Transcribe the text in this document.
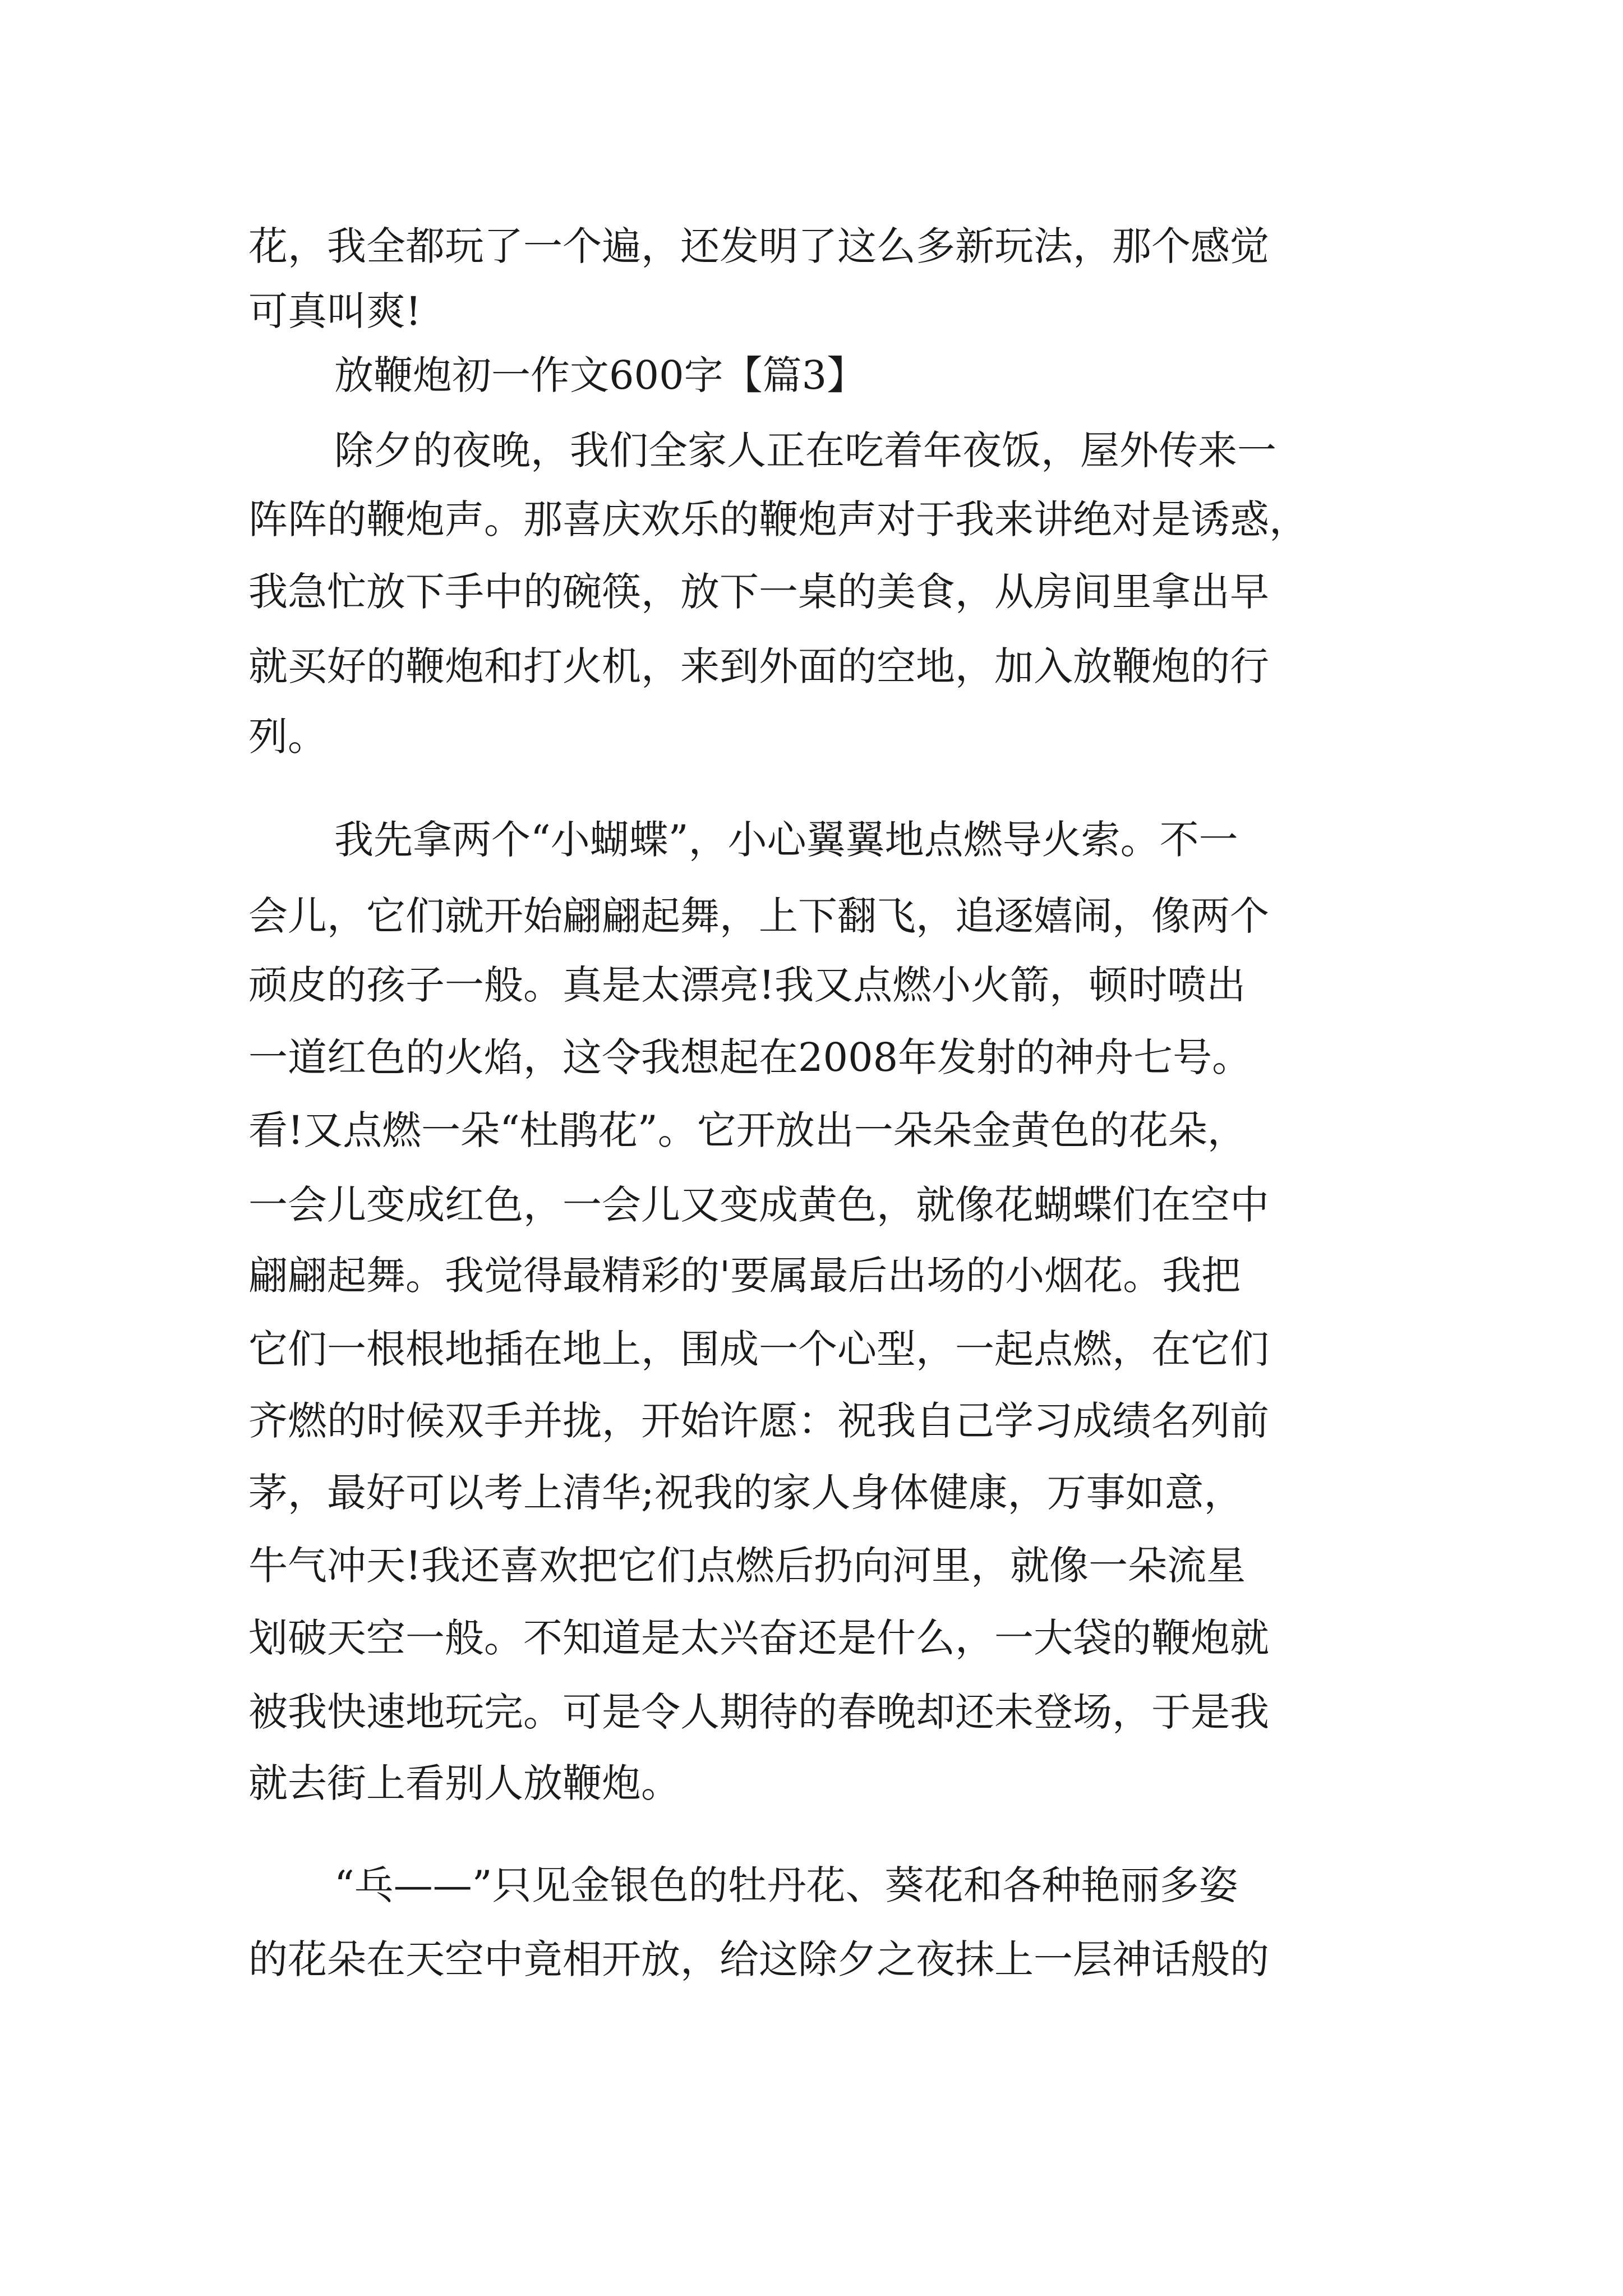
花，我全都玩了一个遍，还发明了这么多新玩法，那个感觉

可真叫爽!

放鞭炮初一作文600字【篇3】

除夕的夜晚，我们全家人正在吃着年夜饭，屋外传来一

阵阵的鞭炮声。那喜庆欢乐的鞭炮声对于我来讲绝对是诱惑，

我急忙放下手中的碗筷，放下一桌的美食，从房间里拿出早

就买好的鞭炮和打火机，来到外面的空地，加入放鞭炮的行

列。

我先拿两个“小蝴蝶”，小心翼翼地点燃导火索。不一

会儿，它们就开始翩翩起舞，上下翻飞，追逐嬉闹，像两个

顽皮的孩子一般。真是太漂亮!我又点燃小火箭，顿时喷出

一道红色的火焰，这令我想起在2008年发射的神舟七号。

看!又点燃一朵“杜鹃花”。它开放出一朵朵金黄色的花朵，

一会儿变成红色，一会儿又变成黄色，就像花蝴蝶们在空中

翩翩起舞。我觉得最精彩的'要属最后出场的小烟花。我把

它们一根根地插在地上，围成一个心型，一起点燃，在它们

齐燃的时候双手并拢，开始许愿：祝我自己学习成绩名列前

茅，最好可以考上清华;祝我的家人身体健康，万事如意，

牛气冲天!我还喜欢把它们点燃后扔向河里，就像一朵流星

划破天空一般。不知道是太兴奋还是什么，一大袋的鞭炮就

被我快速地玩完。可是令人期待的春晚却还未登场，于是我

就去街上看别人放鞭炮。

“乓——”只见金银色的牡丹花、葵花和各种艳丽多姿

的花朵在天空中竟相开放，给这除夕之夜抹上一层神话般的
